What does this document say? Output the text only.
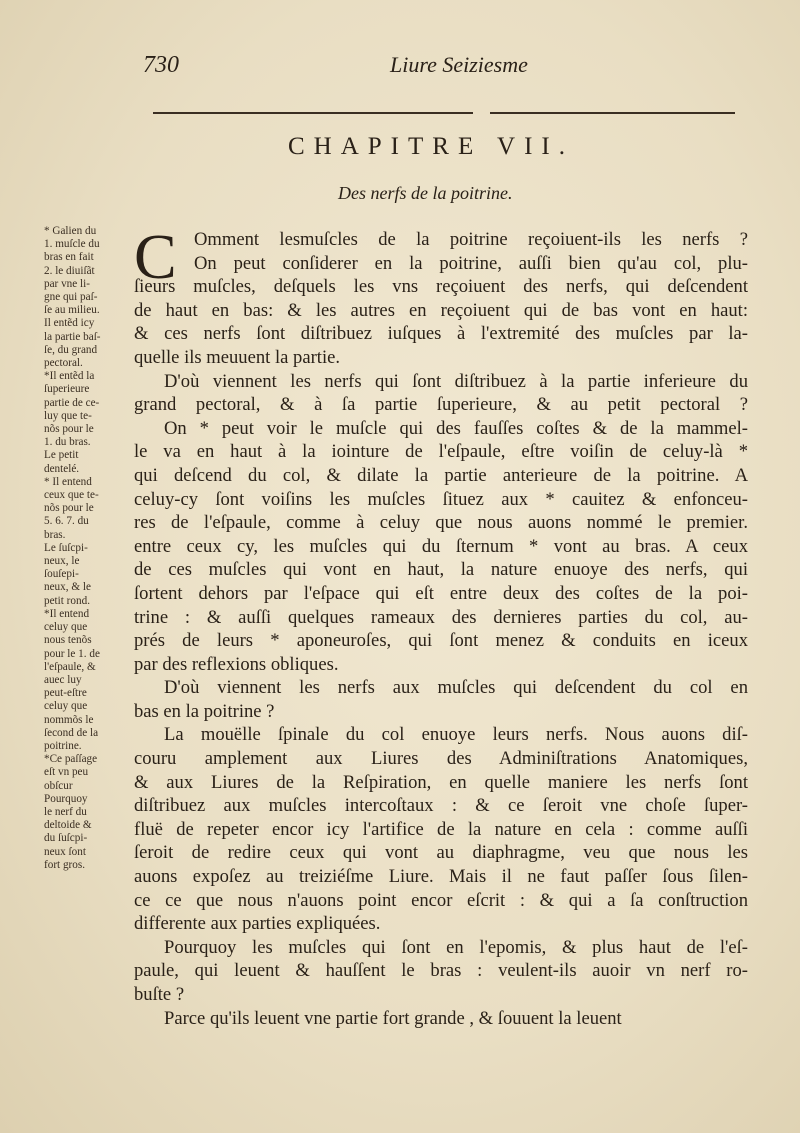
730	Liure Seiziesme
CHAPITRE VII.
Des nerfs de la poitrine.
C
* Galien du
1. muſcle du
bras en fait
2. le diuiſãt
par vne li-
gne qui paſ-
ſe au milieu.
Il entẽd icy
la partie baſ-
ſe, du grand
pectoral.
*Il entẽd la
ſuperieure
partie de ce-
luy que te-
nõs pour le
1. du bras.
Le petit
dentelé.
* Il entend
ceux que te-
nõs pour le
5. 6. 7. du
bras.
Le ſuſcpi-
neux, le
ſouſepi-
neux, & le
petit rond.
*Il entend
celuy que
nous tenõs
pour le 1. de
l'eſpaule, &
auec luy
peut-eſtre
celuy que
nommõs le
ſecond de la
poitrine.
*Ce paſſage
eſt vn peu
obſcur
Pourquoy
le nerf du
deltoide &
du ſuſcpi-
neux ſont
fort gros.
Omment lesmuſcles de la poitrine reçoiuent-ils les nerfs ?
On peut conſiderer en la poitrine, auſſi bien qu'au col, plu-
ſieurs muſcles, deſquels les vns reçoiuent des nerfs, qui deſcendent
de haut en bas: & les autres en reçoiuent qui de bas vont en haut:
& ces nerfs ſont diſtribuez iuſques à l'extremité des muſcles par la-
quelle ils meuuent la partie.
D'où viennent les nerfs qui ſont diſtribuez à la partie inferieure du
grand pectoral, & à ſa partie ſuperieure, & au petit pectoral ?
On * peut voir le muſcle qui des fauſſes coſtes & de la mammel-
le va en haut à la iointure de l'eſpaule, eſtre voiſin de celuy-là *
qui deſcend du col, & dilate la partie anterieure de la poitrine. A
celuy-cy ſont voiſins les muſcles ſituez aux * cauitez & enfonceu-
res de l'eſpaule, comme à celuy que nous auons nommé le premier.
entre ceux cy, les muſcles qui du ſternum * vont au bras. A ceux
de ces muſcles qui vont en haut, la nature enuoye des nerfs, qui
ſortent dehors par l'eſpace qui eſt entre deux des coſtes de la poi-
trine : & auſſi quelques rameaux des dernieres parties du col, au-
prés de leurs * aponeuroſes, qui ſont menez & conduits en iceux
par des reflexions obliques.
D'où viennent les nerfs aux muſcles qui deſcendent du col en
bas en la poitrine ?
La mouëlle ſpinale du col enuoye leurs nerfs. Nous auons diſ-
couru amplement aux Liures des Adminiſtrations Anatomiques,
& aux Liures de la Reſpiration, en quelle maniere les nerfs ſont
diſtribuez aux muſcles intercoſtaux : & ce ſeroit vne choſe ſuper-
fluë de repeter encor icy l'artifice de la nature en cela : comme auſſi
ſeroit de redire ceux qui vont au diaphragme, veu que nous les
auons expoſez au treiziéſme Liure. Mais il ne faut paſſer ſous ſilen-
ce ce que nous n'auons point encor eſcrit : & qui a ſa conſtruction
differente aux parties expliquées.
Pourquoy les muſcles qui ſont en l'epomis, & plus haut de l'eſ-
paule, qui leuent & hauſſent le bras : veulent-ils auoir vn nerf ro-
buſte ?
Parce qu'ils leuent vne partie fort grande , & ſouuent la leuent
